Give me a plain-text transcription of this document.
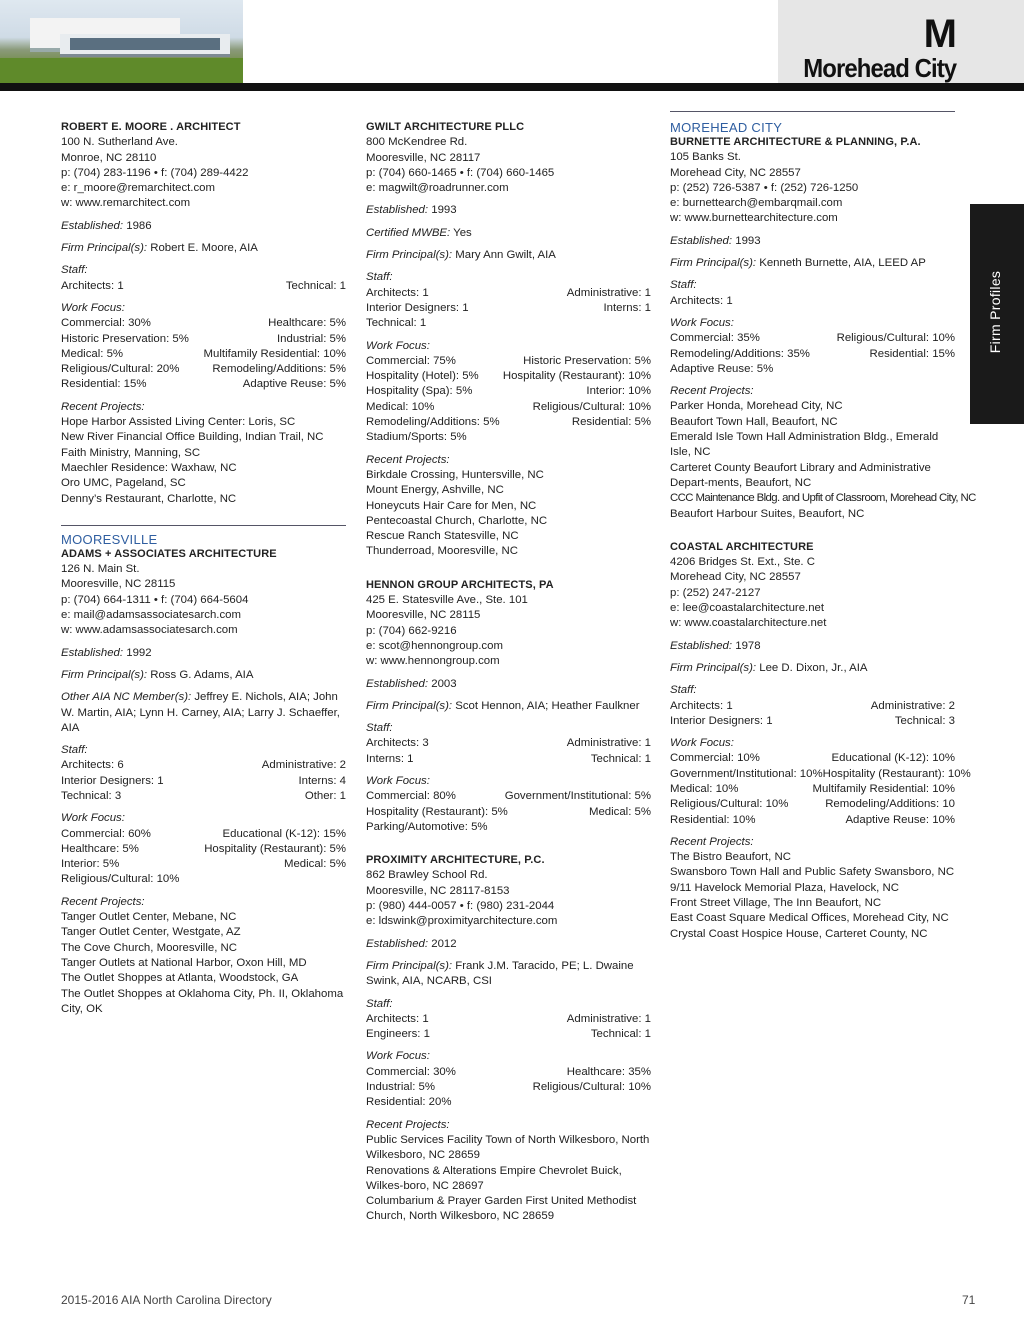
M
Morehead City
ROBERT E. MOORE . ARCHITECT
100 N. Sutherland Ave.
Monroe, NC 28110
p: (704) 283-1196 • f: (704) 289-4422
e: r_moore@remarchitect.com
w: www.remarchitect.com
Established: 1986
Firm Principal(s): Robert E. Moore, AIA
Staff:
Architects: 1	Technical: 1
Work Focus:
Commercial: 30%	Healthcare: 5%
Historic Preservation: 5%	Industrial: 5%
Medical: 5%	Multifamily Residential: 10%
Religious/Cultural: 20%	Remodeling/Additions: 5%
Residential: 15%	Adaptive Reuse: 5%
Recent Projects:
Hope Harbor Assisted Living Center: Loris, SC
New River Financial Office Building, Indian Trail, NC
Faith Ministry, Manning, SC
Maechler Residence: Waxhaw, NC
Oro UMC, Pageland, SC
Denny’s Restaurant, Charlotte, NC
MOORESVILLE
ADAMS + ASSOCIATES ARCHITECTURE
126 N. Main St.
Mooresville, NC 28115
p: (704) 664-1311 • f: (704) 664-5604
e: mail@adamsassociatesarch.com
w: www.adamsassociatesarch.com
Established: 1992
Firm Principal(s): Ross G. Adams, AIA
Other AIA NC Member(s): Jeffrey E. Nichols, AIA; John W. Martin, AIA; Lynn H. Carney, AIA; Larry J. Schaeffer, AIA
Staff:
Architects: 6	Administrative: 2
Interior Designers: 1	Interns: 4
Technical: 3	Other: 1
Work Focus:
Commercial: 60%	Educational (K-12): 15%
Healthcare: 5%	Hospitality (Restaurant): 5%
Interior: 5%	Medical: 5%
Religious/Cultural: 10%
Recent Projects:
Tanger Outlet Center, Mebane, NC
Tanger Outlet Center, Westgate, AZ
The Cove Church, Mooresville, NC
Tanger Outlets at National Harbor, Oxon Hill, MD
The Outlet Shoppes at Atlanta, Woodstock, GA
The Outlet Shoppes at Oklahoma City, Ph. II, Oklahoma City, OK
GWILT ARCHITECTURE PLLC
800 McKendree Rd.
Mooresville, NC 28117
p: (704) 660-1465 • f: (704) 660-1465
e: magwilt@roadrunner.com
Established: 1993
Certified MWBE: Yes
Firm Principal(s): Mary Ann Gwilt, AIA
Staff:
Architects: 1	Administrative: 1
Interior Designers: 1	Interns: 1
Technical: 1
Work Focus:
Commercial: 75%	Historic Preservation: 5%
Hospitality (Hotel): 5% Hospitality (Restaurant): 10%
Hospitality (Spa): 5%	Interior: 10%
Medical: 10%	Religious/Cultural: 10%
Remodeling/Additions: 5%	Residential: 5%
Stadium/Sports: 5%
Recent Projects:
Birkdale Crossing, Huntersville, NC
Mount Energy, Ashville, NC
Honeycuts Hair Care for Men, NC
Pentecoastal Church, Charlotte, NC
Rescue Ranch Statesville, NC
Thunderroad, Mooresville, NC
HENNON GROUP ARCHITECTS, PA
425 E. Statesville Ave., Ste. 101
Mooresville, NC 28115
p: (704) 662-9216
e: scot@hennongroup.com
w: www.hennongroup.com
Established: 2003
Firm Principal(s): Scot Hennon, AIA; Heather Faulkner
Staff:
Architects: 3	Administrative: 1
Interns: 1	Technical: 1
Work Focus:
Commercial: 80%	Government/Institutional: 5%
Hospitality (Restaurant): 5%	Medical: 5%
Parking/Automotive: 5%
PROXIMITY ARCHITECTURE, P.C.
862 Brawley School Rd.
Mooresville, NC 28117-8153
p: (980) 444-0057 • f: (980) 231-2044
e: ldswink@proximityarchitecture.com
Established: 2012
Firm Principal(s): Frank J.M. Taracido, PE; L. Dwaine Swink, AIA, NCARB, CSI
Staff:
Architects: 1	Administrative: 1
Engineers: 1	Technical: 1
Work Focus:
Commercial: 30%	Healthcare: 35%
Industrial: 5%	Religious/Cultural: 10%
Residential: 20%
Recent Projects:
Public Services Facility Town of North Wilkesboro, North Wilkesboro, NC 28659
Renovations & Alterations Empire Chevrolet Buick, Wilkes-boro, NC 28697
Columbarium & Prayer Garden First United Methodist Church, North Wilkesboro, NC 28659
MOREHEAD CITY
BURNETTE ARCHITECTURE & PLANNING, P.A.
105 Banks St.
Morehead City, NC 28557
p: (252) 726-5387 • f: (252) 726-1250
e: burnettearch@embarqmail.com
w: www.burnettearchitecture.com
Established: 1993
Firm Principal(s): Kenneth Burnette, AIA, LEED AP
Staff:
Architects: 1
Work Focus:
Commercial: 35%	Religious/Cultural: 10%
Remodeling/Additions: 35%	Residential: 15%
Adaptive Reuse: 5%
Recent Projects:
Parker Honda, Morehead City, NC
Beaufort Town Hall, Beaufort, NC
Emerald Isle Town Hall Administration Bldg., Emerald Isle, NC
Carteret County Beaufort Library and Administrative Depart-ments, Beaufort, NC
CCC Maintenance Bldg. and Upfit of Classroom, Morehead City, NC
Beaufort Harbour Suites, Beaufort, NC
COASTAL ARCHITECTURE
4206 Bridges St. Ext., Ste. C
Morehead City, NC 28557
p: (252) 247-2127
e: lee@coastalarchitecture.net
w: www.coastalarchitecture.net
Established: 1978
Firm Principal(s): Lee D. Dixon, Jr., AIA
Staff:
Architects: 1	Administrative: 2
Interior Designers: 1	Technical: 3
Work Focus:
Commercial: 10%	Educational (K-12): 10%
Government/Institutional: 10% Hospitality (Restaurant): 10%
Medical: 10%	Multifamily Residential: 10%
Religious/Cultural: 10%	Remodeling/Additions: 10
Residential: 10%	Adaptive Reuse: 10%
Recent Projects:
The Bistro Beaufort, NC
Swansboro Town Hall and Public Safety Swansboro, NC
9/11 Havelock Memorial Plaza, Havelock, NC
Front Street Village, The Inn Beaufort, NC
East Coast Square Medical Offices, Morehead City, NC
Crystal Coast Hospice House, Carteret County, NC
Firm Profiles
2015-2016 AIA North Carolina Directory	71
